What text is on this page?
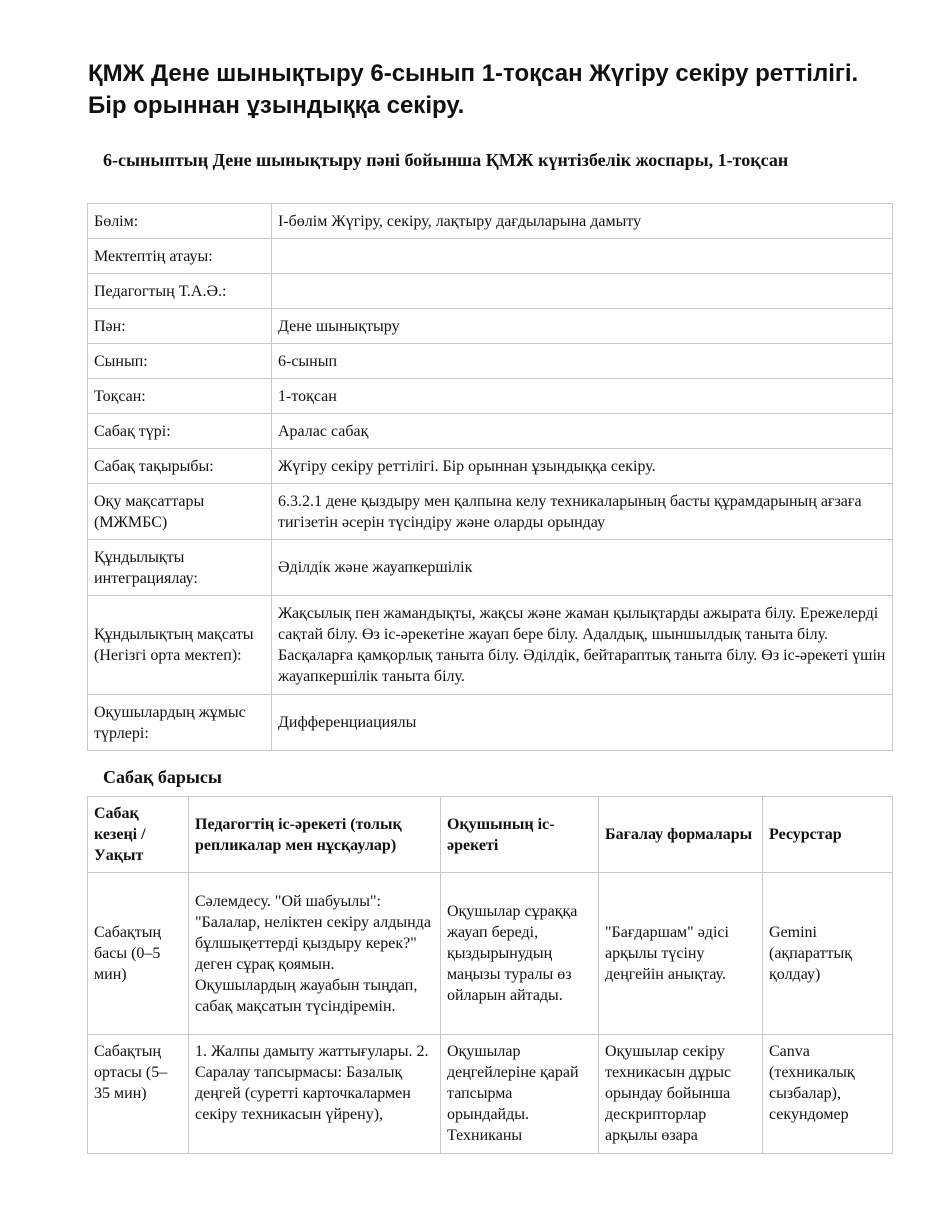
ҚМЖ Дене шынықтыру 6-сынып 1-тоқсан Жүгіру секіру реттілігі. Бір орыннан ұзындыққа секіру.
6-сыныптың Дене шынықтыру пәні бойынша ҚМЖ күнтізбелік жоспары, 1-тоқсан
Бөлім:	I-бөлім Жүгіру, секіру, лақтыру дағдыларына дамыту
Мектептің атауы:	
Педагогтың Т.А.Ә.:	
Пән:	Дене шынықтыру
Сынып:	6-сынып
Тоқсан:	1-тоқсан
Сабақ түрі:	Аралас сабақ
Сабақ тақырыбы:	Жүгіру секіру реттілігі. Бір орыннан ұзындыққа секіру.
Оқу мақсаттары (МЖМБС)	6.3.2.1 дене қыздыру мен қалпына келу техникаларының басты құрамдарының ағзаға тигізетін әсерін түсіндіру және оларды орындау
Құндылықты интеграциялау:	Әділдік және жауапкершілік
Құндылықтың мақсаты (Негізгі орта мектеп):	Жақсылық пен жамандықты, жақсы және жаман қылықтарды ажырата білу. Ережелерді сақтай білу. Өз іс-әрекетіне жауап бере білу. Адалдық, шыншылдық таныта білу. Басқаларға қамқорлық таныта білу. Әділдік, бейтараптық таныта білу. Өз іс-әрекеті үшін жауапкершілік таныта білу.
Оқушылардың жұмыс түрлері:	Дифференциациялы
Сабақ барысы
Сабақ кезеңі / Уақыт	Педагогтің іс-әрекеті (толық репликалар мен нұсқаулар)	Оқушының іс-әрекеті	Бағалау формалары	Ресурстар
Сабақтың басы (0–5 мин)	Сәлемдесу. "Ой шабуылы": "Балалар, неліктен секіру алдында бұлшықеттерді қыздыру керек?" деген сұрақ қоямын. Оқушылардың жауабын тыңдап, сабақ мақсатын түсіндіремін.	Оқушылар сұраққа жауап береді, қыздырынудың маңызы туралы өз ойларын айтады.	"Бағдаршам" әдісі арқылы түсіну деңгейін анықтау.	Gemini (ақпараттық қолдау)
Сабақтың ортасы (5–35 мин)	1. Жалпы дамыту жаттығулары. 2. Саралау тапсырмасы: Базалық деңгей (суретті карточкалармен секіру техникасын үйрену),	Оқушылар деңгейлеріне қарай тапсырма орындайды. Техниканы	Оқушылар секіру техникасын дұрыс орындау бойынша дескрипторлар арқылы өзара	Canva (техникалық сызбалар), секундомер
